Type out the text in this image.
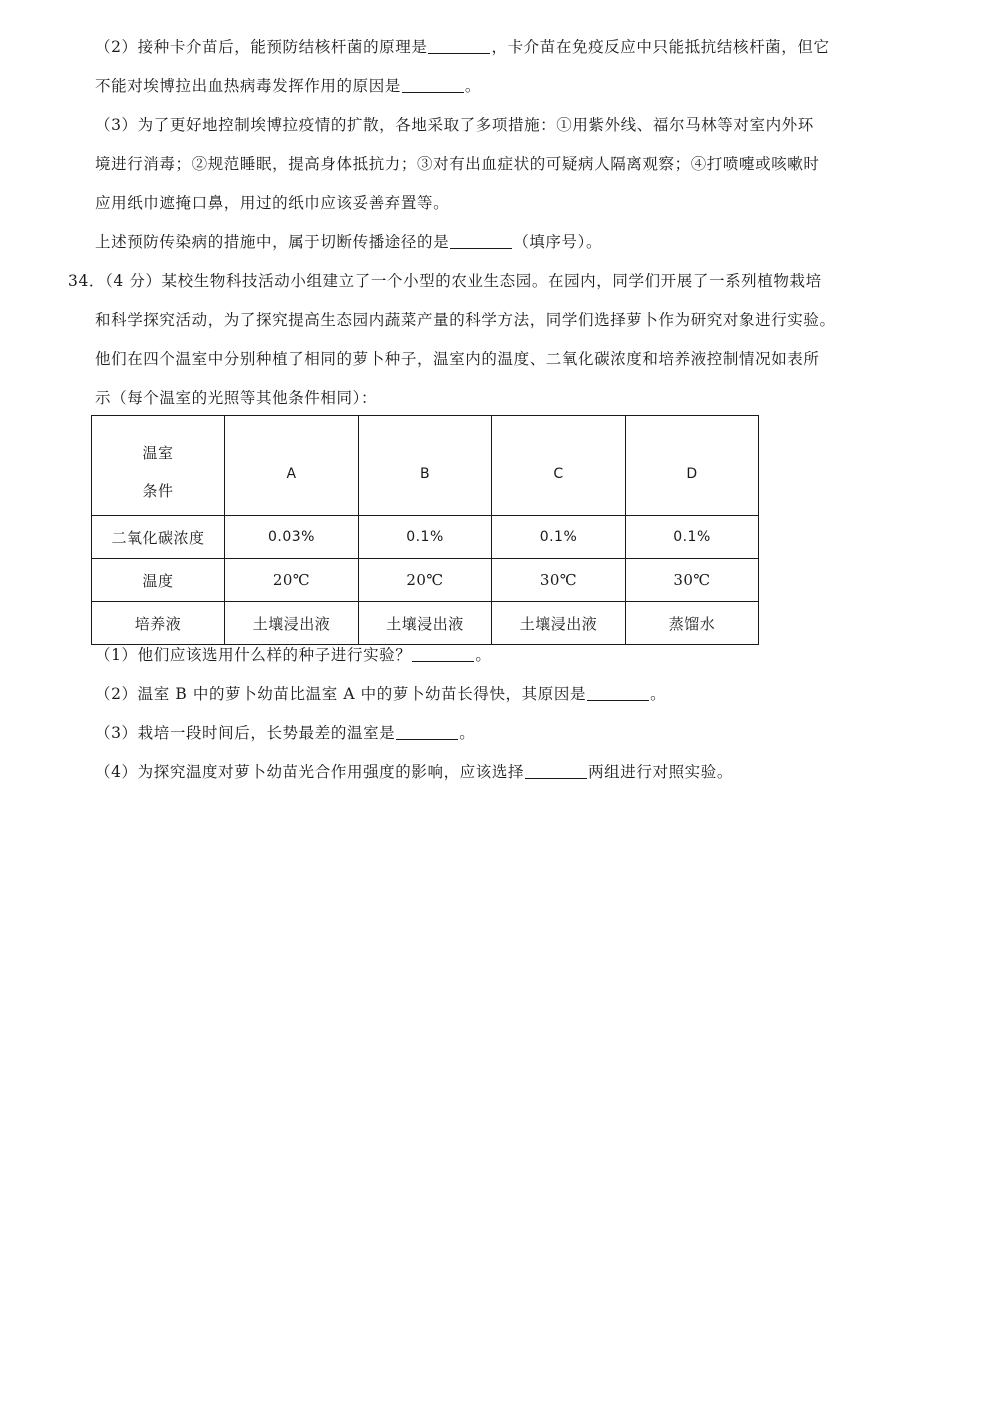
（2）接种卡介苗后，能预防结核杆菌的原理是	，卡介苗在免疫反应中只能抵抗结核杆菌，但它
不能对埃博拉出血热病毒发挥作用的原因是	。
（3）为了更好地控制埃博拉疫情的扩散，各地采取了多项措施：①用紫外线、福尔马林等对室内外环
境进行消毒；②规范睡眠，提高身体抵抗力；③对有出血症状的可疑病人隔离观察；④打喷嚏或咳嗽时
应用纸巾遮掩口鼻，用过的纸巾应该妥善弃置等。
上述预防传染病的措施中，属于切断传播途径的是	（填序号）。
34．（4 分）某校生物科技活动小组建立了一个小型的农业生态园。在园内，同学们开展了一系列植物栽培
和科学探究活动，为了探究提高生态园内蔬菜产量的科学方法，同学们选择萝卜作为研究对象进行实验。
他们在四个温室中分别种植了相同的萝卜种子，温室内的温度、二氧化碳浓度和培养液控制情况如表所
示（每个温室的光照等其他条件相同）：
温室
条件	A	B	C	D
二氧化碳浓度	0.03%	0.1%	0.1%	0.1%
温度	20℃	20℃	30℃	30℃
培养液	土壤浸出液	土壤浸出液	土壤浸出液	蒸馏水
（1）他们应该选用什么样的种子进行实验？	。
（2）温室 B 中的萝卜幼苗比温室 A 中的萝卜幼苗长得快，其原因是	。
（3）栽培一段时间后，长势最差的温室是	。
（4）为探究温度对萝卜幼苗光合作用强度的影响，应该选择	两组进行对照实验。
